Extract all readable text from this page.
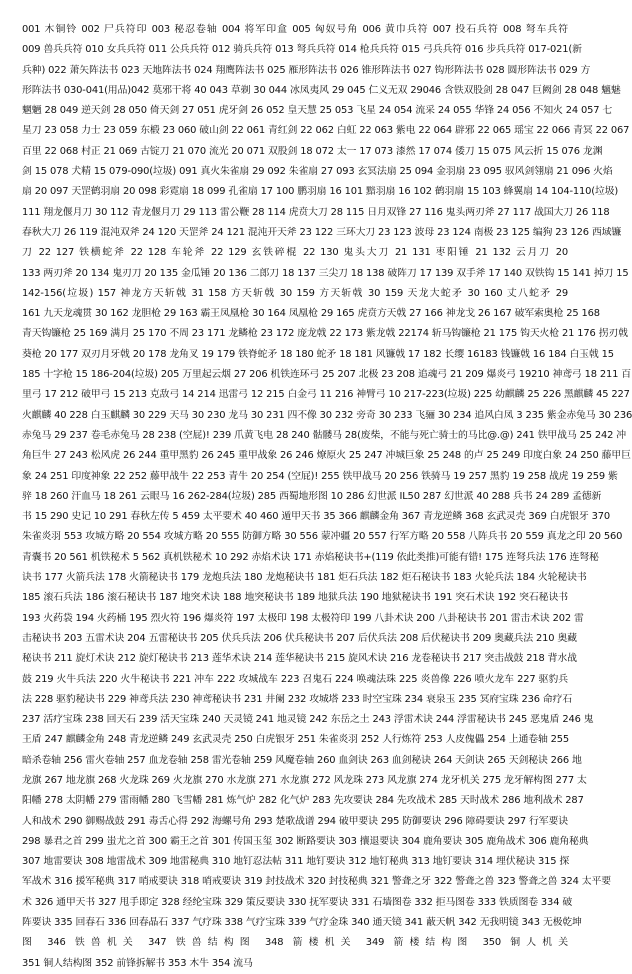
001 木铜铃 002 尸兵符印 003 秘忍卷轴 004 将军印盒 005 匈奴号角 006 黄巾兵符 007 投石兵符 008 弩车兵符
009 兽兵兵符 010 女兵兵符 011 公兵兵符 012 骑兵兵符 013 弩兵兵符 014 枪兵兵符 015 弓兵兵符 016 步兵兵符 017-021(新
兵种) 022 萧矢阵法书 023 天地阵法书 024 翔鹰阵法书 025 雁形阵法书 026 锥形阵法书 027 钩形阵法书 028 圆形阵法书 029 方
形阵法书 030-041(用品)042 莫邪干将 40 043 草剃 30 044 冰凤夷风 29 045 仁义无双 29046 含铁双股剑 28 047 巨阙剑 28 048 魑魅
魍魉 28 049 逆天剑 28 050 倚天剑 27 051 虎牙剑 26 052 皇天慧 25 053 飞星 24 054 流采 24 055 华锋 24 056 不知火 24 057 七
星刀 23 058 力士 23 059 东椴 23 060 破山剑 22 061 青红剑 22 062 白虹 22 063 紫电 22 064 辟邪 22 065 瑶宝 22 066 青冥 22 067
百里 22 068 村正 21 069 古锭刀 21 070 流光 20 071 双股剑 18 072 太一 17 073 漆然 17 074 倭刀 15 075 风云折 15 076 龙渊
剑 15 078 犬精 15 079-090(垃圾) 091 真火朱雀扇 29 092 朱雀扇 27 093 玄冥法扇 25 094 金羽扇 23 095 驭风剑翎扇 21 096 火焰
扇 20 097 天罡鹤羽扇 20 098 彩霓扇 18 099 孔雀扇 17 100 鹏羽扇 16 101 黯羽扇 16 102 鹤羽扇 15 103 蜂翼扇 14 104-110(垃圾)
111 翔龙偃月刀 30 112 青龙偃月刀 29 113 雷公鞭 28 114 虎贲大刀 28 115 日月双锋 27 116 鬼头两刃斧 27 117 战国大刀 26 118
春秋大刀 26 119 混沌双斧 24 120 天罡斧 24 121 混沌开天斧 23 122 三环大刀 23 123 波母 23 124 南极 23 125 编狗 23 126 西域镰
刀 22 127 铁横蛇斧 22 128 车轮斧 22 129 玄铁碎棍 22 130 鬼头大刀 21 131 枣阳锤 21 132 云月刀 20
133 两刃斧 20 134 鬼刃刀 20 135 金瓜锤 20 136 二郎刀 18 137 三尖刀 18 138 破阵刀 17 139 双手斧 17 140 双铁钩 15 141 掉刀 15
142-156(垃圾) 157 神龙方天斩戟 31 158 方天斩戟 30 159 方天斩戟 30 159 天龙大蛇矛 30 160 丈八蛇矛 29
161 九天龙魂贯 30 162 龙胆枪 29 163 霸王凤凰枪 30 164 凤凰枪 29 165 虎贲方天戟 27 166 神龙戈 26 167 破军索奥枪 25 168
青天钩镰枪 25 169 满月 25 170 不周 23 171 龙鳞枪 23 172 庞龙戟 22 173 紫龙戟 22174 斩马钩镰枪 21 175 钩天火枪 21 176 拐刃戟
葵枪 20 177 双刃月牙戟 20 178 龙角叉 19 179 铁脊蛇矛 18 180 蛇矛 18 181 风镰戟 17 182 长缨 16183 钱镰戟 16 184 白玉戟 15
185 十字枪 15 186-204(垃圾) 205 万里起云烟 27 206 机铁连环弓 25 207 北极 23 208 追魂弓 21 209 爆炎弓 19210 神鸢弓 18 211 百
里弓 17 212 破甲弓 15 213 克敌弓 14 214 迅雷弓 12 215 白金弓 11 216 神臂弓 10 217-223(垃圾) 225 幼麒麟 25 226 黑麒麟 45 227
火麒麟 40 228 白玉麒麟 30 229 天马 30 230 龙马 30 231 四不像 30 232 旁奇 30 233 飞骊 30 234 追风白凤 3 235 紫金赤兔马 30 236
赤兔马 29 237 卷毛赤兔马 28 238 (空屁)! 239 爪黄飞电 28 240 骷髅马 28(废柴，不能与死亡骑士的马比@.@) 241 铁甲战马 25 242 冲
角巨牛 27 243 松风虎 26 244 重甲黑豹 26 245 重甲战象 26 246 燎原火 25 247 冲城巨象 25 248 的卢 25 249 印度白象 24 250 藤甲巨
象 24 251 印度神象 22 252 藤甲战牛 22 253 青牛 20 254 (空屁)! 255 铁甲战马 20 256 铁骑马 19 257 黑豹 19 258 战虎 19 259 紫
骍 18 260 汗血马 18 261 云眼马 16 262-284(垃圾) 285 西蜀地形图 10 286 幻世派 IL50 287 幻世派 40 288 兵书 24 289 孟德新
书 15 290 史记 10 291 春秋左传 5 459 太平要术 40 460 遁甲天书 35 366 麒麟金角 367 青龙逆鳞 368 玄武灵壳 369 白虎银牙 370
朱雀炎羽 553 攻城方略 20 554 攻城方略 20 555 防御方略 30 556 蒙冲疆 20 557 行军方略 20 558 八阵兵书 20 559 真龙之印 20 560
青囊书 20 561 机铁秘术 5 562 真机铁秘术 10 292 赤焰术诀 171 赤焰秘诀书+(119 依此类推)可能有错! 175 连弩兵法 176 连弩秘
诀书 177 火箭兵法 178 火箭秘诀书 179 龙炮兵法 180 龙炮秘诀书 181 炬石兵法 182 炬石秘诀书 183 火轮兵法 184 火轮秘诀书
185 滚石兵法 186 滚石秘诀书 187 地突术诀 188 地突秘诀书 189 地狱兵法 190 地狱秘诀书 191 突石术诀 192 突石秘诀书
193 火药袋 194 火药桶 195 烈火符 196 爆炎符 197 太极印 198 太极符印 199 八卦术诀 200 八卦秘诀书 201 雷击术诀 202 雷
击秘诀书 203 五雷术诀 204 五雷秘诀书 205 伏兵兵法 206 伏兵秘诀书 207 后伏兵法 208 后伏秘诀书 209 奥藏兵法 210 奥藏
秘诀书 211 旋灯术诀 212 旋灯秘诀书 213 莲华术诀 214 莲华秘诀书 215 旋风术诀 216 龙卷秘诀书 217 突击战鼓 218 背水战
鼓 219 火牛兵法 220 火牛秘诀书 221 冲车 222 攻城战车 223 召鬼石 224 唤魂法珠 225 炎兽像 226 喷火龙车 227 驱豹兵
法 228 驱豹秘诀书 229 神鸢兵法 230 神鸢秘诀书 231 井阑 232 攻城塔 233 时空宝珠 234 衰泉玉 235 冥府宝珠 236 命疗石
237 活疗宝珠 238 回天石 239 活天宝珠 240 天灵镜 241 地灵镜 242 东岳之土 243 浮雷术诀 244 浮雷秘诀书 245 恶鬼盾 246 鬼
王盾 247 麒麟金角 248 青龙逆鳞 249 玄武灵壳 250 白虎银牙 251 朱雀炎羽 252 人行炼符 253 人皮傀儡 254 上通卷轴 255
暗杀卷轴 256 雷火卷轴 257 血龙卷轴 258 雷光卷轴 259 风魔卷轴 260 血剑诀 263 血剑秘诀 264 天剑诀 265 天剑秘诀 266 地
龙旗 267 地龙旗 268 火龙珠 269 火龙旗 270 水龙旗 271 水龙旗 272 风龙珠 273 风龙旗 274 龙牙机关 275 龙牙解构图 277 太
阳幡 278 太阴幡 279 雷雨幡 280 飞雪幡 281 炼气炉 282 化气炉 283 先攻要诀 284 先攻战术 285 天时战术 286 地利战术 287
人和战术 290 御赐战鼓 291 毒舌心得 292 海螺号角 293 楚歌战谱 294 破甲要诀 295 防御要诀 296 障碍要诀 297 行军要诀
298 暴君之首 299 蚩尤之首 300 霸王之首 301 传国玉玺 302 断路要诀 303 攘退要诀 304 鹿角要诀 305 鹿角战术 306 鹿角秘典
307 地雷要诀 308 地雷战术 309 地雷秘典 310 地钉忍法帖 311 地钉要诀 312 地钉秘典 313 地钉要诀 314 埋伏秘诀 315 探
军战术 316 援军秘典 317 哨戒要诀 318 哨戒要诀 319 封技战术 320 封技秘典 321 警聋之牙 322 警聋之兽 323 警聋之兽 324 太平要
术 326 通甲天书 327 甩手即定 328 经纶宝珠 329 策反要诀 330 抚军要诀 331 石墙图卷 332 拒马图卷 333 铁质图卷 334 破
阵要诀 335 回春石 336 回春晶石 337 气疗珠 338 气疗宝珠 339 气疗金珠 340 通天镜 341 蔽天帆 342 无我明镜 343 无极乾坤
图 346 铁兽机关 347 铁兽结构图 348 箭楼机关 349 箭楼结构图 350 铜人机关
351 铜人结构图 352 前锋拆解书 353 木牛 354 流马
